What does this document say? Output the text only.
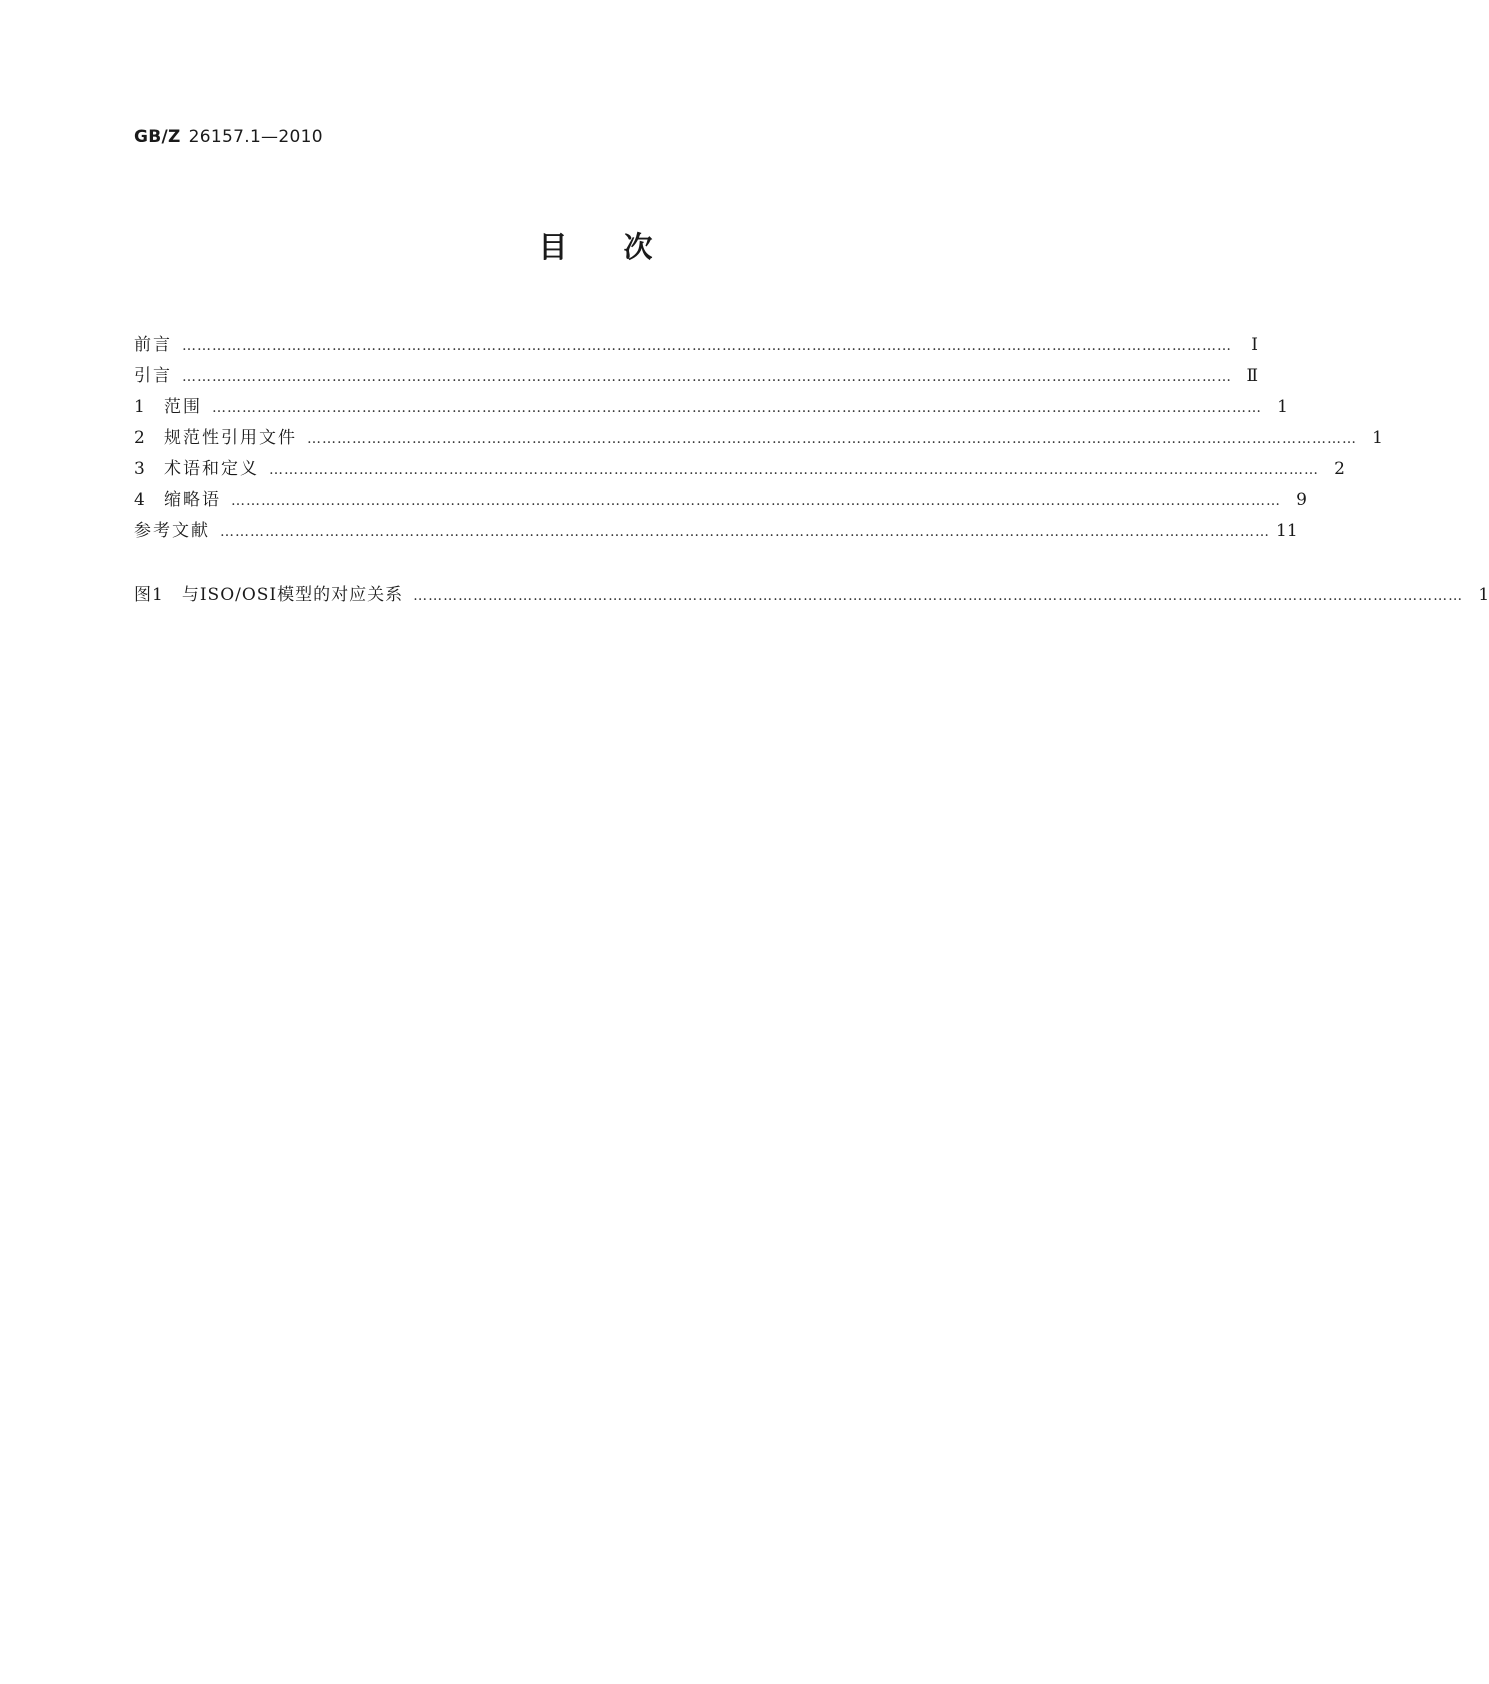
GB/Z 26157.1—2010
目次
前言 …………………………………………………………………………………………………………………………………………………………………………………………	Ⅰ
引言 ………………………………………………………………………………………………………………………………………………………………………………………… Ⅱ
1	范围 ………………………………………………………………………………………………………………………………………………………………………………………… 1
2	规范性引用文件 ………………………………………………………………………………………………………………………………………………………………………………………… 1
3	术语和定义 ………………………………………………………………………………………………………………………………………………………………………………………… 2
4	缩略语 ………………………………………………………………………………………………………………………………………………………………………………………… 9
参考文献 ………………………………………………………………………………………………………………………………………………………………………………………… 11
图1 与ISO/OSI模型的对应关系 ………………………………………………………………………………………………………………………………………………………………………………………… 1
